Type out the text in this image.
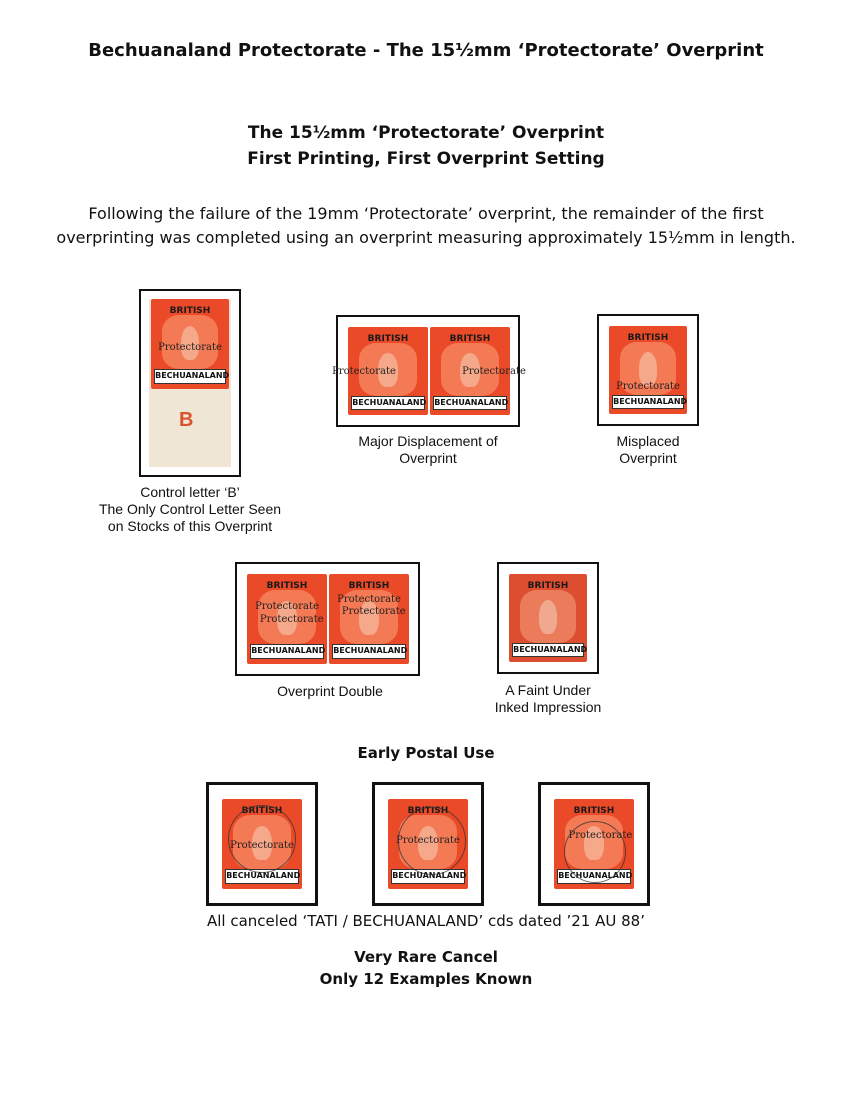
Bechuanaland Protectorate - The 15½mm ‘Protectorate’ Overprint
The 15½mm ‘Protectorate’ Overprint
First Printing, First Overprint Setting
Following the failure of the 19mm ‘Protectorate’ overprint, the remainder of the first
overprinting was completed using an overprint measuring approximately 15½mm in length.
BRITISH
Protectorate
BECHUANALAND
B
Control letter ‘B’
The Only Control Letter Seen
on Stocks of this Overprint
BRITISH
Protectorate
BECHUANALAND
BRITISH
Protectorate
BECHUANALAND
Major Displacement of
Overprint
BRITISH
Protectorate
BECHUANALAND
Misplaced
Overprint
BRITISH
Protectorate
Protectorate
BECHUANALAND
BRITISH
Protectorate
Protectorate
BECHUANALAND
Overprint Double
BRITISH
BECHUANALAND
A Faint Under
Inked Impression
Early Postal Use
BRITISH
Protectorate
BECHUANALAND
BRITISH
Protectorate
BECHUANALAND
BRITISH
Protectorate
BECHUANALAND
All canceled ‘TATI / BECHUANALAND’ cds dated ’21 AU 88’
Very Rare Cancel
Only 12 Examples Known
